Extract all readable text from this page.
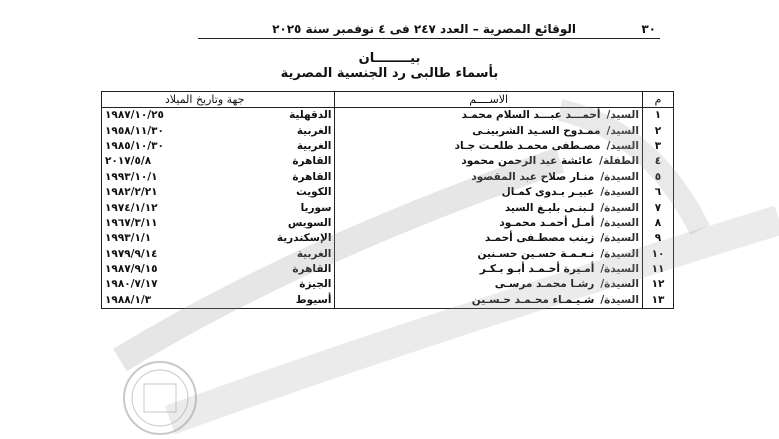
٣٠
الوقائع المصرية – العدد ٢٤٧ فى ٤ نوفمبر سنة ٢٠٢٥
بيــــــــان
بأسماء طالبى رد الجنسية المصرية
م	الاســــم	جهة وتاريخ الميلاد	
١	السيد/أحمـــد عبـــد السلام محمـد	الدقهلية	١٩٨٧/١٠/٢٥
٢	السيد/ممـدوح السـيد الشربينـى	الغربية	١٩٥٨/١١/٣٠
٣	السيد/مصـطفى محمـد طلعـت جـاد	الغربية	١٩٨٥/١٠/٣٠
٤	الطفلة/عائشة عبد الرحمن محمود	القاهرة	٢٠١٧/٥/٨
٥	السيدة/منـار صلاح عبد المقصود	القاهرة	١٩٩٣/١٠/١
٦	السيدة/عبيـر بـدوى كمـال	الكويت	١٩٨٢/٢/٢١
٧	السيدة/لـبنـى بليـغ السيد	سوريا	١٩٧٤/١/١٢
٨	السيدة/أمـل أحمـد محمـود	السويس	١٩٦٧/٣/١١
٩	السيدة/زينب مصطـفى أحمـد	الإسكندرية	١٩٩٣/١/١
١٠	السيدة/نـعـمـة حسـين حسـنين	الغربية	١٩٧٩/٩/١٤
١١	السيدة/أمـيرة أحـمـد أبـو بـكـر	القاهرة	١٩٨٧/٩/١٥
١٢	السيدة/رشـا محمـد مرسـى	الجيزة	١٩٨٠/٧/١٧
١٣	السيدة/شـيـمـاء محـمـد حـسـين	أسيوط	١٩٨٨/١/٣
